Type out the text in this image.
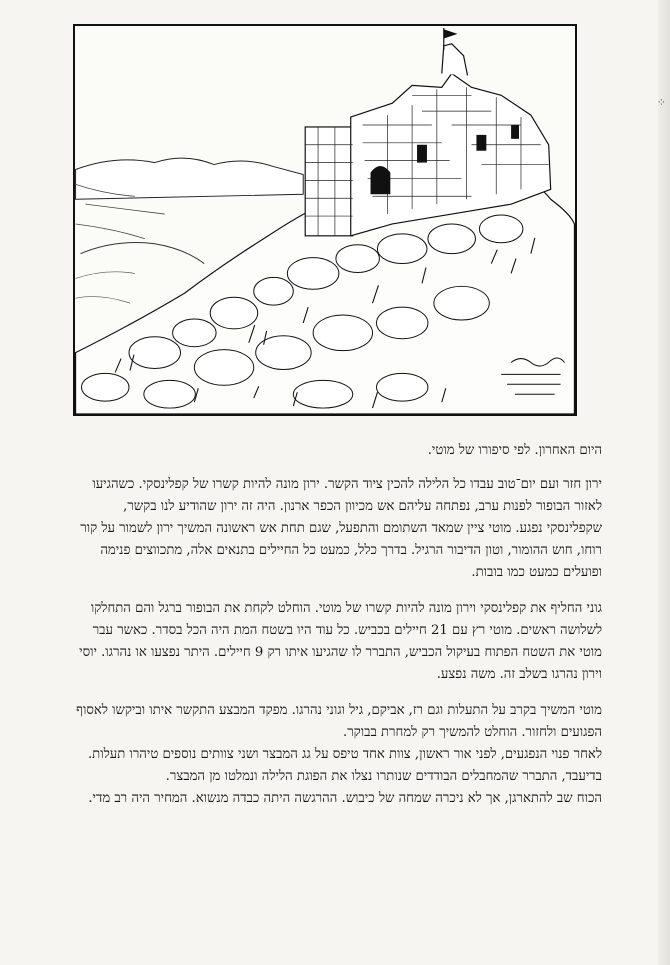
⁘

היום האחרון. לפי סיפורו של מוטי.

ירון חזר ועם יום־טוב עבדו כל הלילה להכין ציוד הקשר. ירון מונה להיות קשרו של קפלינסקי. כשהגיעו לאזור הבופור לפנות ערב, נפתחה עליהם אש מכיוון הכפר ארנון. היה זה ירון שהודיע לנו בקשר, שקפלינסקי נפגע. מוטי ציין שמאד השתומם והתפעל, שגם תחת אש ראשונה המשיך ירון לשמור על קור רוחו, חוש ההומור, וטון הדיבור הרגיל. בדרך כלל, כמעט כל החיילים בתנאים אלה, מתכווצים פנימה ופועלים כמעט כמו בובות.

גוני החליף את קפלינסקי וירון מונה להיות קשרו של מוטי. הוחלט לקחת את הבופור ברגל והם התחלקו לשלושה ראשים. מוטי רץ עם 21 חיילים בכביש. כל עוד היו בשטח המת היה הכל בסדר. כאשר עבר מוטי את השטח הפתוח בעיקול הכביש, התברר לו שהגיעו איתו רק 9 חיילים. היתר נפצעו או נהרגו. יוסי וירון נהרגו בשלב זה. משה נפצע.

מוטי המשיך בקרב על התעלות וגם רז, אביקם, גיל וגוני נהרגו. מפקד המבצע התקשר איתו וביקשו לאסוף הפגועים ולחזור. הוחלט להמשיך רק למחרת בבוקר.

לאחר פנוי הנפגעים, לפני אור ראשון, צוות אחד טיפס על גג המבצר ושני צוותים נוספים טיהרו תעלות. בדיעבד, התברר שהמחבלים הבודדים שנותרו נצלו את הפוגת הלילה ונמלטו מן המבצר.

הכוח שב להתארגן, אך לא ניכרה שמחה של כיבוש. ההרגשה היתה כבדה מנשוא. המחיר היה רב מדי.
